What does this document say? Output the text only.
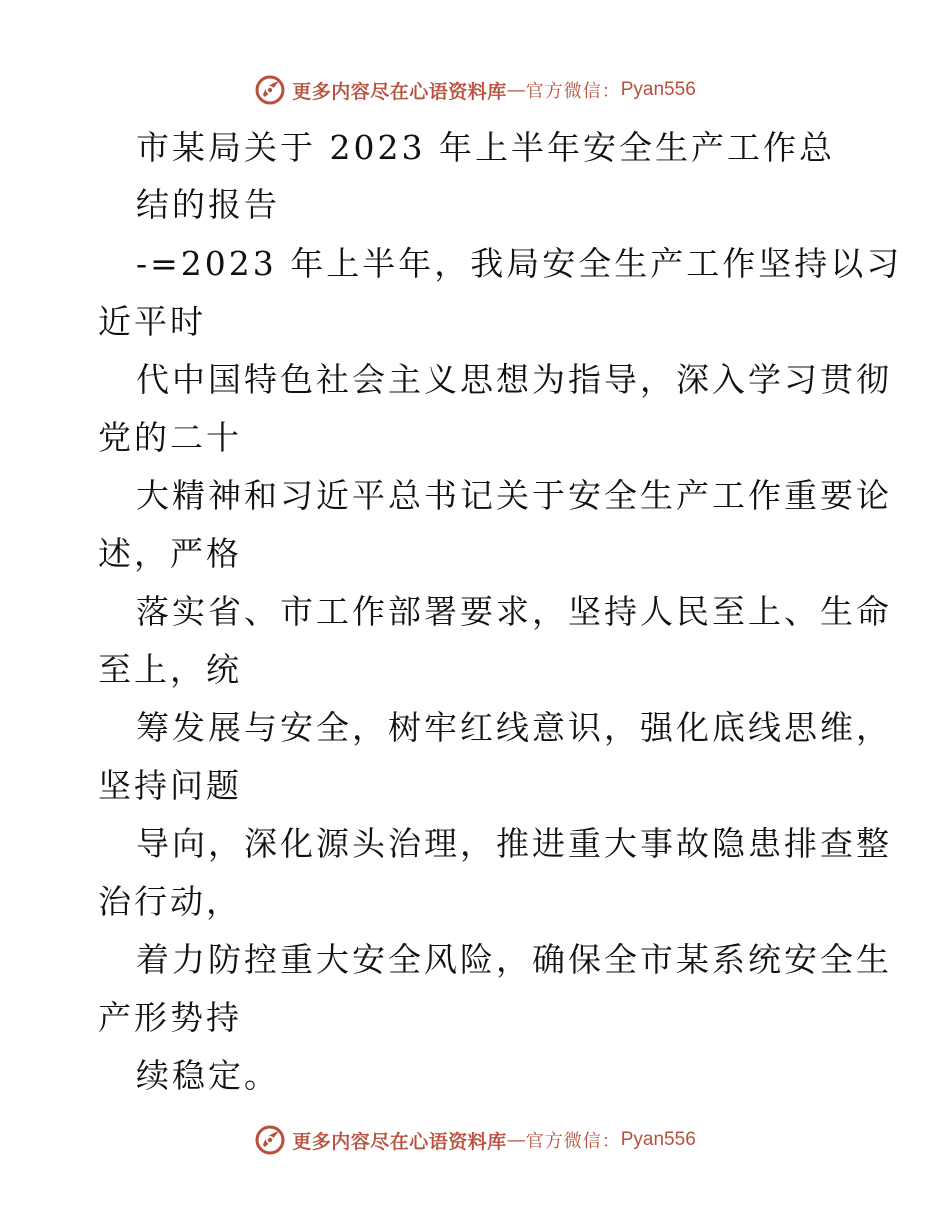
更多内容尽在心语资料库 — 官方微信： Pyan556
市某局关于 2023 年上半年安全生产工作总
结的报告
-=2023 年上半年，我局安全生产工作坚持以习
近平时
代中国特色社会主义思想为指导，深入学习贯彻
党的二十
大精神和习近平总书记关于安全生产工作重要论
述，严格
落实省、市工作部署要求，坚持人民至上、生命
至上，统
筹发展与安全，树牢红线意识，强化底线思维，
坚持问题
导向，深化源头治理，推进重大事故隐患排查整
治行动，
着力防控重大安全风险，确保全市某系统安全生
产形势持
续稳定。
更多内容尽在心语资料库 — 官方微信： Pyan556
